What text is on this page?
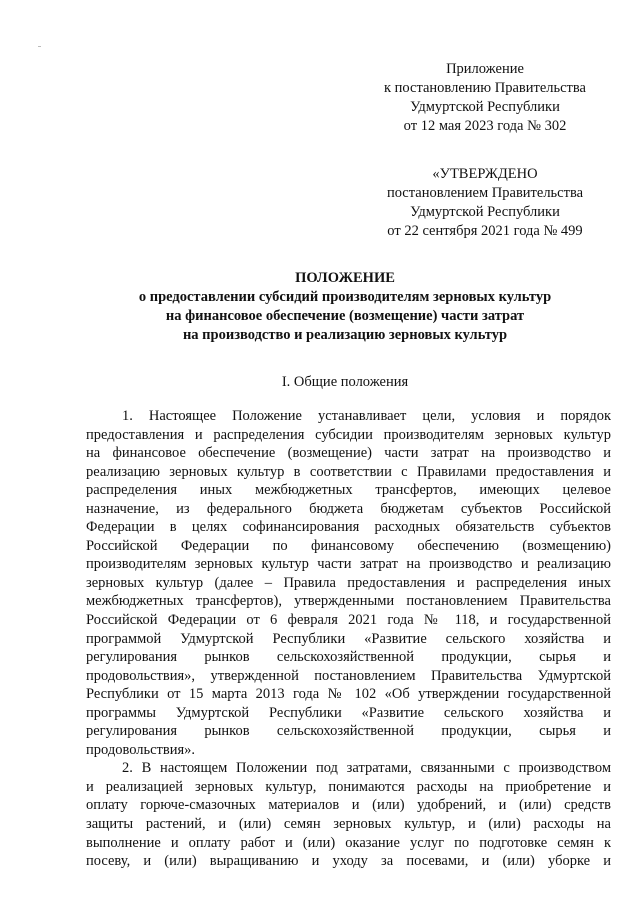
Приложение
к постановлению Правительства
Удмуртской Республики
от 12 мая 2023 года № 302
«УТВЕРЖДЕНО
постановлением Правительства
Удмуртской Республики
от 22 сентября 2021 года № 499
ПОЛОЖЕНИЕ
о предоставлении субсидий производителям зерновых культур
на финансовое обеспечение (возмещение) части затрат
на производство и реализацию зерновых культур
I. Общие положения
1. Настоящее Положение устанавливает цели, условия и порядок
предоставления и распределения субсидии производителям зерновых культур
на финансовое обеспечение (возмещение) части затрат на производство и
реализацию зерновых культур в соответствии с Правилами предоставления и
распределения иных межбюджетных трансфертов, имеющих целевое
назначение, из федерального бюджета бюджетам субъектов Российской
Федерации в целях софинансирования расходных обязательств субъектов
Российской Федерации по финансовому обеспечению (возмещению)
производителям зерновых культур части затрат на производство и реализацию
зерновых культур (далее – Правила предоставления и распределения иных
межбюджетных трансфертов), утвержденными постановлением Правительства
Российской Федерации от 6 февраля 2021 года № 118, и государственной
программой Удмуртской Республики «Развитие сельского хозяйства и
регулирования рынков сельскохозяйственной продукции, сырья и
продовольствия», утвержденной постановлением Правительства Удмуртской
Республики от 15 марта 2013 года № 102 «Об утверждении государственной
программы Удмуртской Республики «Развитие сельского хозяйства и
регулирования рынков сельскохозяйственной продукции, сырья и
продовольствия».
2. В настоящем Положении под затратами, связанными с производством
и реализацией зерновых культур, понимаются расходы на приобретение и
оплату горюче-смазочных материалов и (или) удобрений, и (или) средств
защиты растений, и (или) семян зерновых культур, и (или) расходы на
выполнение и оплату работ и (или) оказание услуг по подготовке семян к
посеву, и (или) выращиванию и уходу за посевами, и (или) уборке и
